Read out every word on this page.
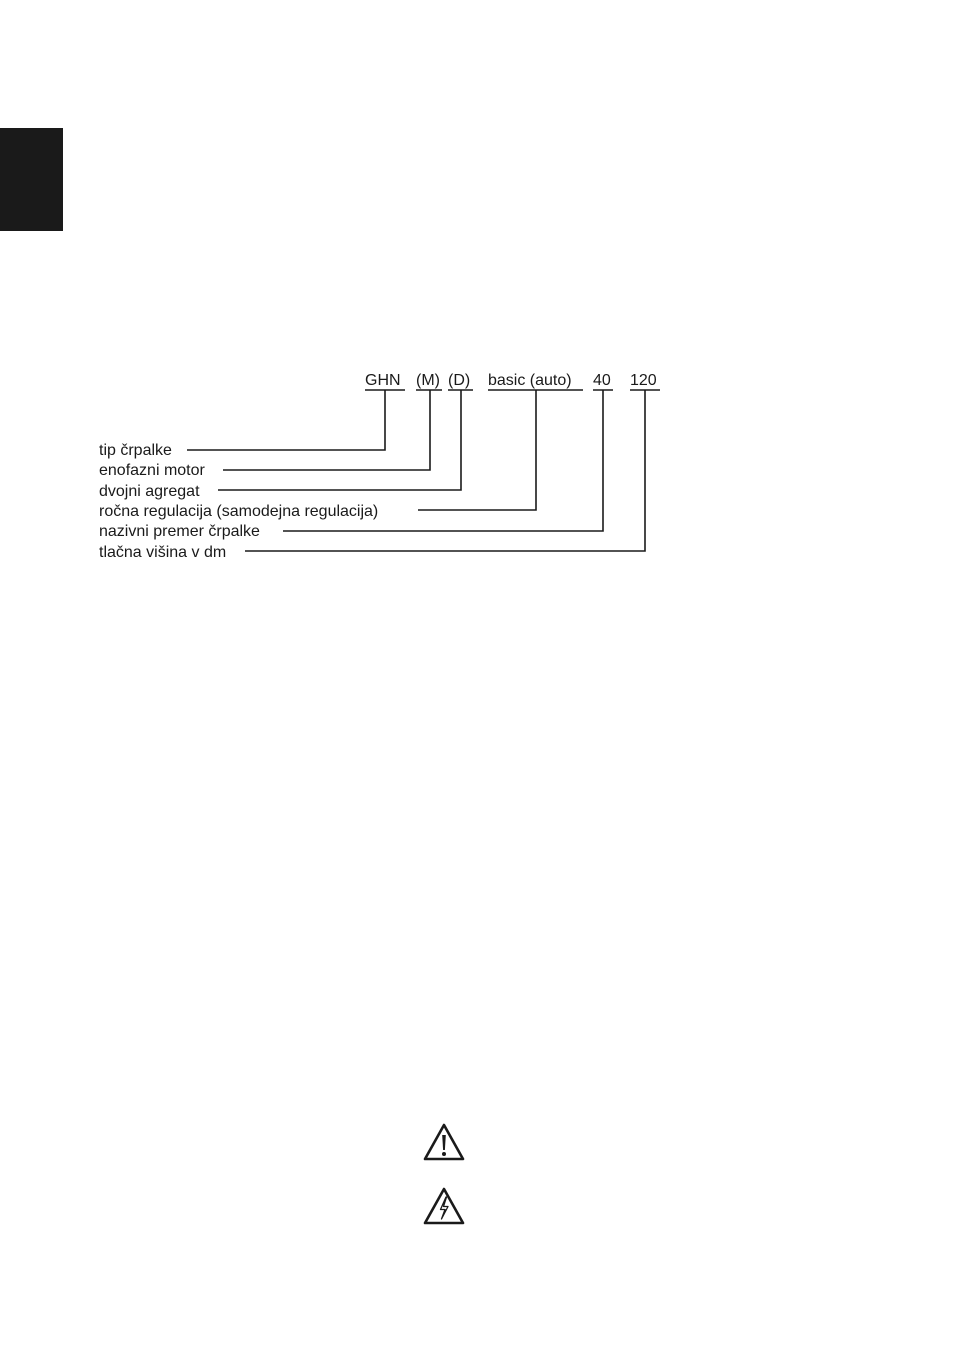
GHN (M) (D) basic (auto) 40 120
tip črpalke
enofazni motor
dvojni agregat
ročna regulacija (samodejna regulacija)
nazivni premer črpalke
tlačna višina v dm
